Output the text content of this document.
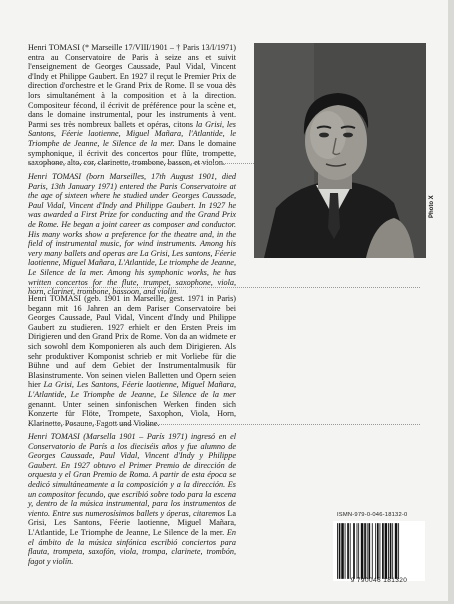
Henri TOMASI (* Marseille 17/VIII/1901 – † Paris 13/I/1971) entra au Conservatoire de Paris à seize ans et suivit l'enseignement de Georges Caussade, Paul Vidal, Vincent d'Indy et Philippe Gaubert. En 1927 il reçut le Premier Prix de direction d'orchestre et le Grand Prix de Rome. Il se voua dès lors simultanément à la composition et à la direction. Compositeur fécond, il écrivit de préférence pour la scène et, dans le domaine instrumental, pour les instruments à vent. Parmi ses très nombreux ballets et opéras, citons la Grisi, les Santons, Féerie laotienne, Miguel Mañara, l'Atlantide, le Triomphe de Jeanne, le Silence de la mer. Dans le domaine symphonique, il écrivit des concertos pour flûte, trompette, saxophone, alto, cor, clarinette, trombone, basson, et violon.

Henri TOMASI (born Marseilles, 17th August 1901, died Paris, 13th January 1971) entered the Paris Conservatoire at the age of sixteen where he studied under Georges Caussade, Paul Vidal, Vincent d'Indy and Philippe Gaubert. In 1927 he was awarded a First Prize for conducting and the Grand Prix de Rome. He began a joint career as composer and conductor. His many works show a preference for the theatre and, in the field of instrumental music, for wind instruments. Among his very many ballets and operas are La Grisi, Les santons, Féerie laotienne, Miguel Mañara, L'Atlantide, Le triomphe de Jeanne, Le Silence de la mer. Among his symphonic works, he has written concertos for the flute, trumpet, saxophone, viola, horn, clarinet, trombone, bassoon, and violin.

Henri TOMASI (geb. 1901 in Marseille, gest. 1971 in Paris) begann mit 16 Jahren an dem Pariser Conservatoire bei Georges Caussade, Paul Vidal, Vincent d'Indy und Philippe Gaubert zu studieren. 1927 erhielt er den Ersten Preis im Dirigieren und den Grand Prix de Rome. Von da an widmete er sich sowohl dem Komponieren als auch dem Dirigieren. Als sehr produktiver Komponist schrieb er mit Vorliebe für die Bühne und auf dem Gebiet der Instrumentalmusik für Blasinstrumente. Von seinen vielen Balletten und Opern seien hier La Grisi, Les Santons, Féerie laotienne, Miguel Mañara, L'Atlantide, Le Triomphe de Jeanne, Le Silence de la mer genannt. Unter seinen sinfonischen Werken finden sich Konzerte für Flöte, Trompete, Saxophon, Viola, Horn, Klarinette, Posaune, Fagott und Violine.

Henri TOMASI (Marsella 1901 – París 1971) ingresó en el Conservatorio de París a los dieciséis años y fue alumno de Georges Caussade, Paul Vidal, Vincent d'Indy y Philippe Gaubert. En 1927 obtuvo el Primer Premio de dirección de orquesta y el Gran Premio de Roma. A partir de esta época se dedicó simultáneamente a la composición y a la dirección. Es un compositor fecundo, que escribió sobre todo para la escena y, dentro de la música instrumental, para los instrumentos de viento. Entre sus numerosísimos ballets y óperas, citaremos La Grisi, Les Santons, Féerie laotienne, Miguel Mañara, L'Atlantide, Le Triomphe de Jeanne, Le Silence de la mer. En el ámbito de la música sinfónica escribió conciertos para flauta, trompeta, saxofón, viola, trompa, clarinete, trombón, fagot y violín.

Photo X
ISMN-979-0-046-18132-0
9 790046 181320
